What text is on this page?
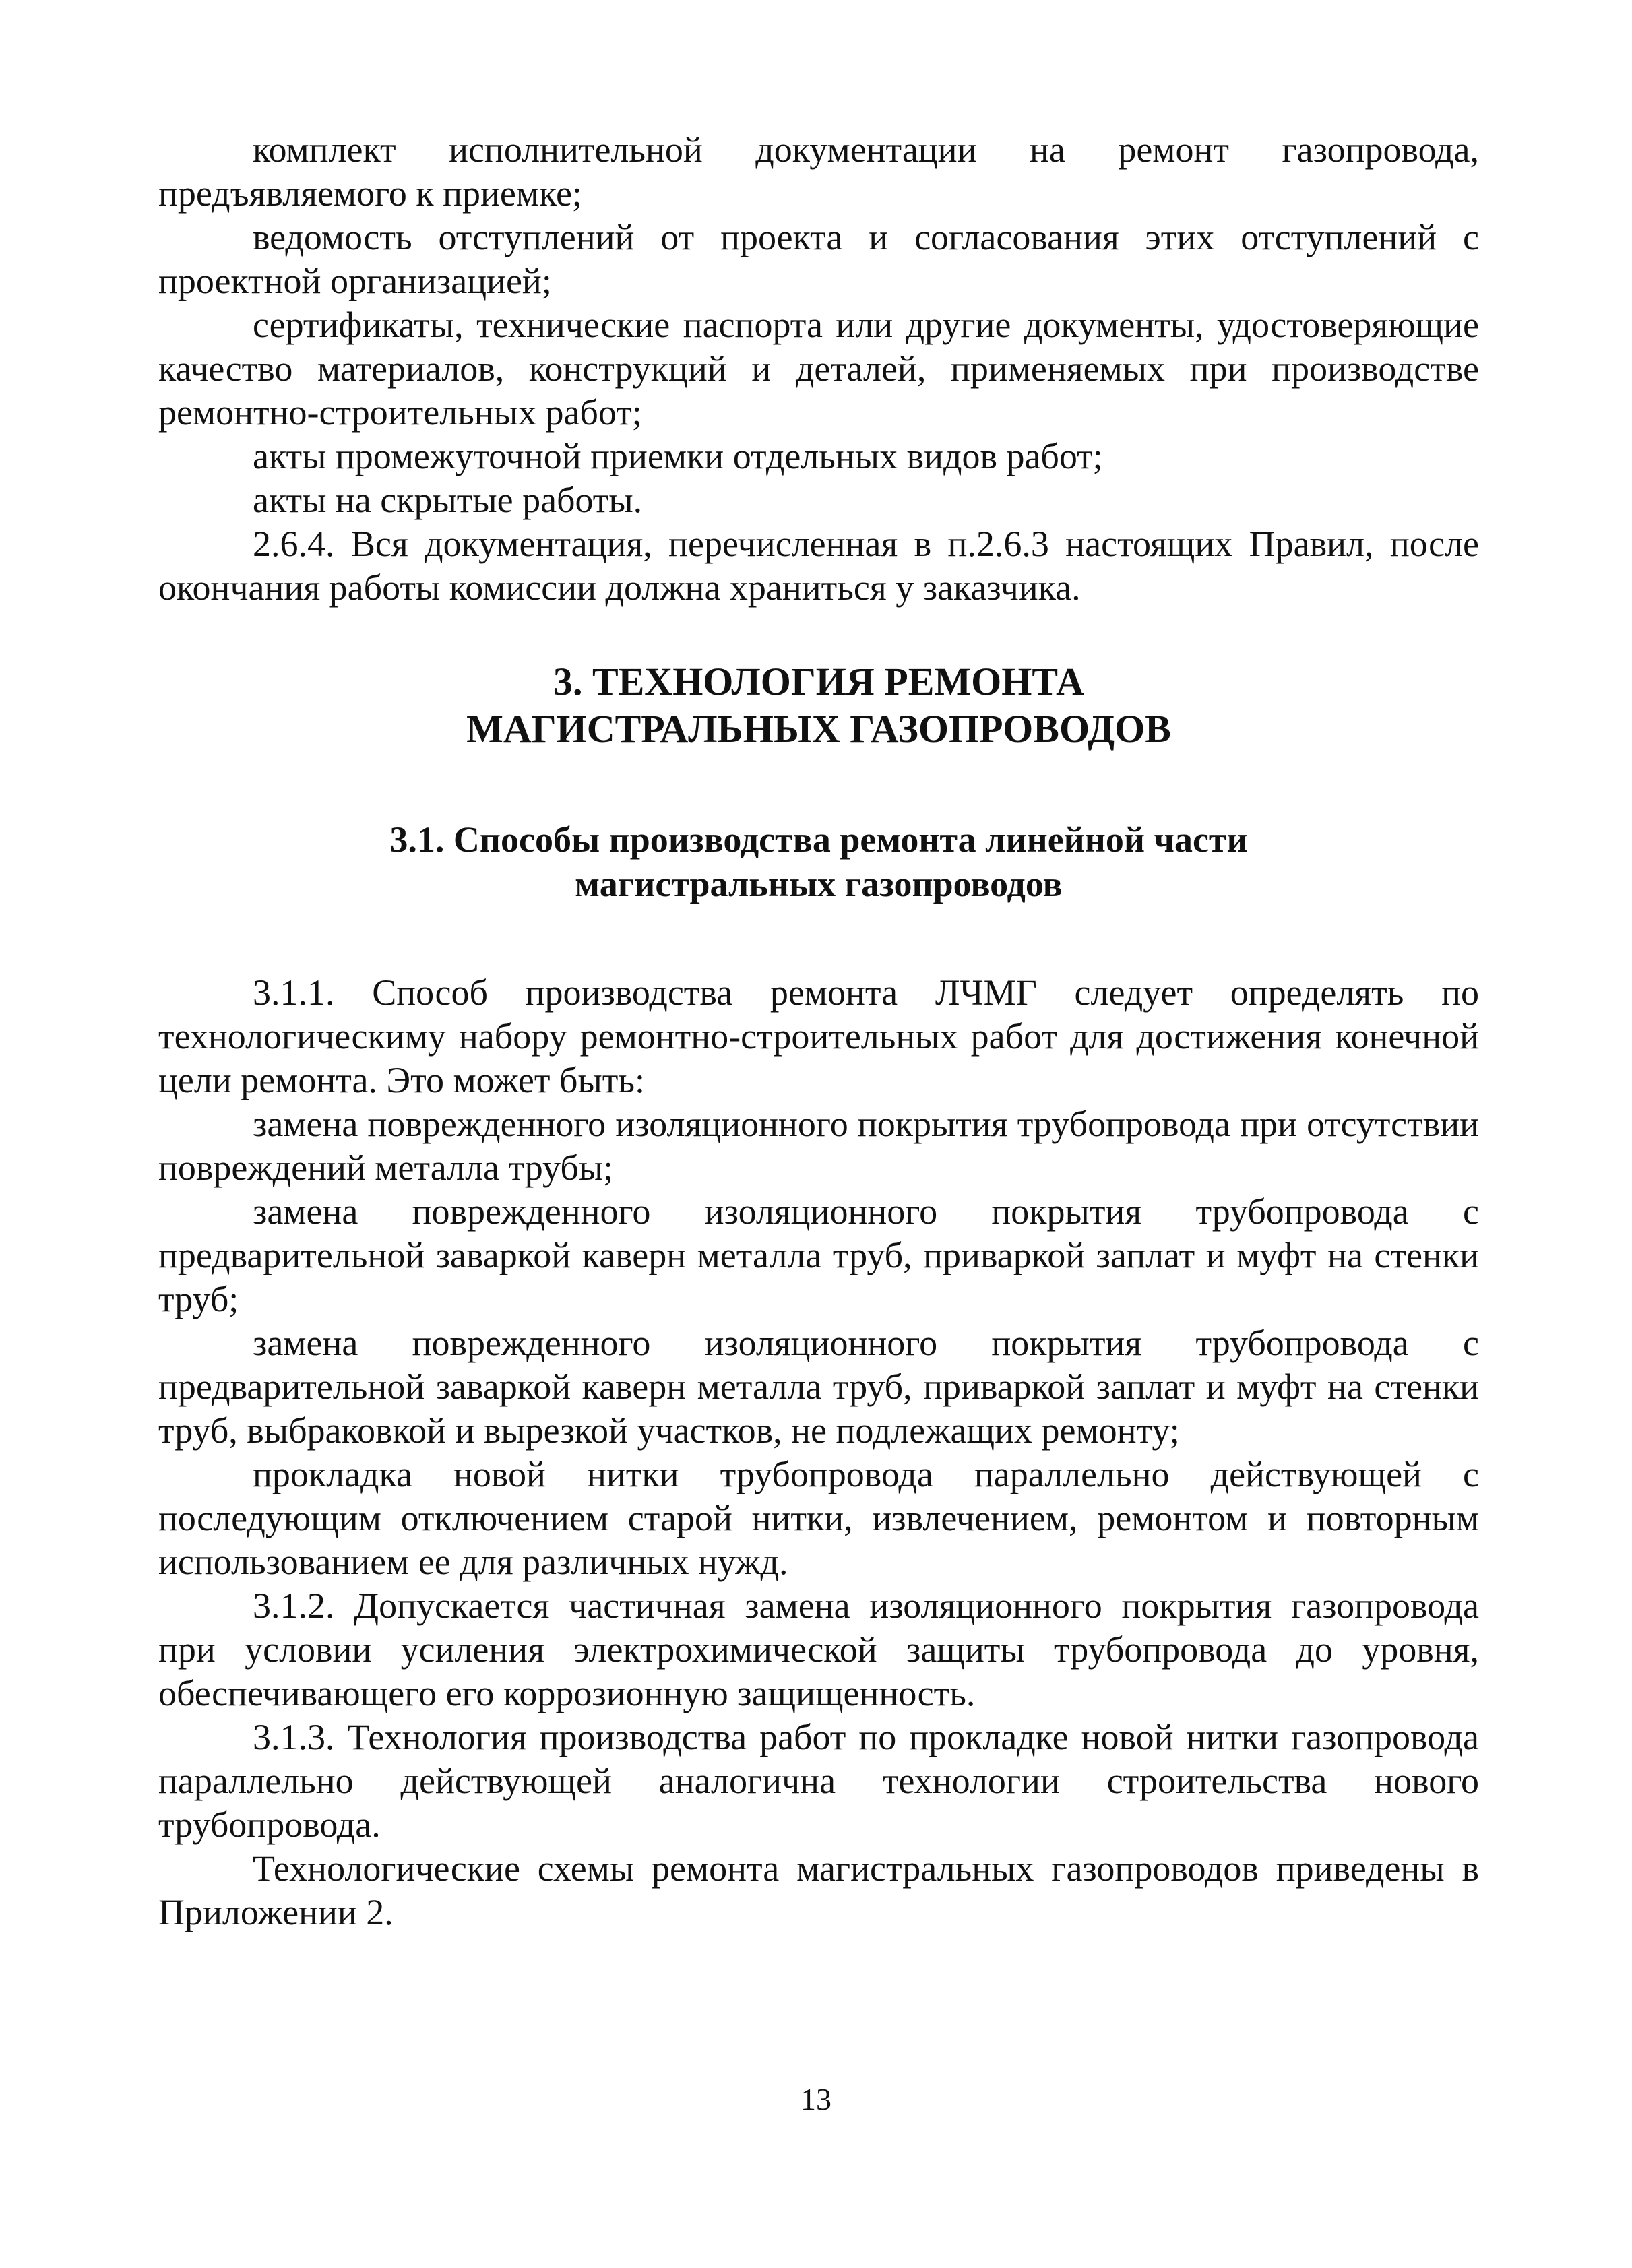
комплект исполнительной документации на ремонт газопровода, предъявляемого к приемке;

ведомость отступлений от проекта и согласования этих отступлений с проектной организацией;

сертификаты, технические паспорта или другие документы, удостоверяющие качество материалов, конструкций и деталей, применяемых при производстве ремонтно-строительных работ;

акты промежуточной приемки отдельных видов работ;

акты на скрытые работы.

2.6.4. Вся документация, перечисленная в п.2.6.3 настоящих Правил, после окончания работы комиссии должна храниться у заказчика.

3. ТЕХНОЛОГИЯ РЕМОНТА

МАГИСТРАЛЬНЫХ ГАЗОПРОВОДОВ

3.1. Способы производства ремонта линейной части

магистральных газопроводов

3.1.1. Способ производства ремонта ЛЧМГ следует определять по технологическиму набору ремонтно-строительных работ для достижения конечной цели ремонта. Это может быть:

замена поврежденного изоляционного покрытия трубопровода при отсутствии повреждений металла трубы;

замена поврежденного изоляционного покрытия трубопровода с предварительной заваркой каверн металла труб, приваркой заплат и муфт на стенки труб;

замена поврежденного изоляционного покрытия трубопровода с предварительной заваркой каверн металла труб, приваркой заплат и муфт на стенки труб, выбраковкой и вырезкой участков, не подлежащих ремонту;

прокладка новой нитки трубопровода параллельно действующей с последующим отключением старой нитки, извлечением, ремонтом и повторным использованием ее для различных нужд.

3.1.2. Допускается частичная замена изоляционного покрытия газопровода при условии усиления электрохимической защиты трубопровода до уровня, обеспечивающего его коррозионную защищенность.

3.1.3. Технология производства работ по прокладке новой нитки газопровода параллельно действующей аналогична технологии строительства нового трубопровода.

Технологические схемы ремонта магистральных газопроводов приведены в Приложении 2.

13
